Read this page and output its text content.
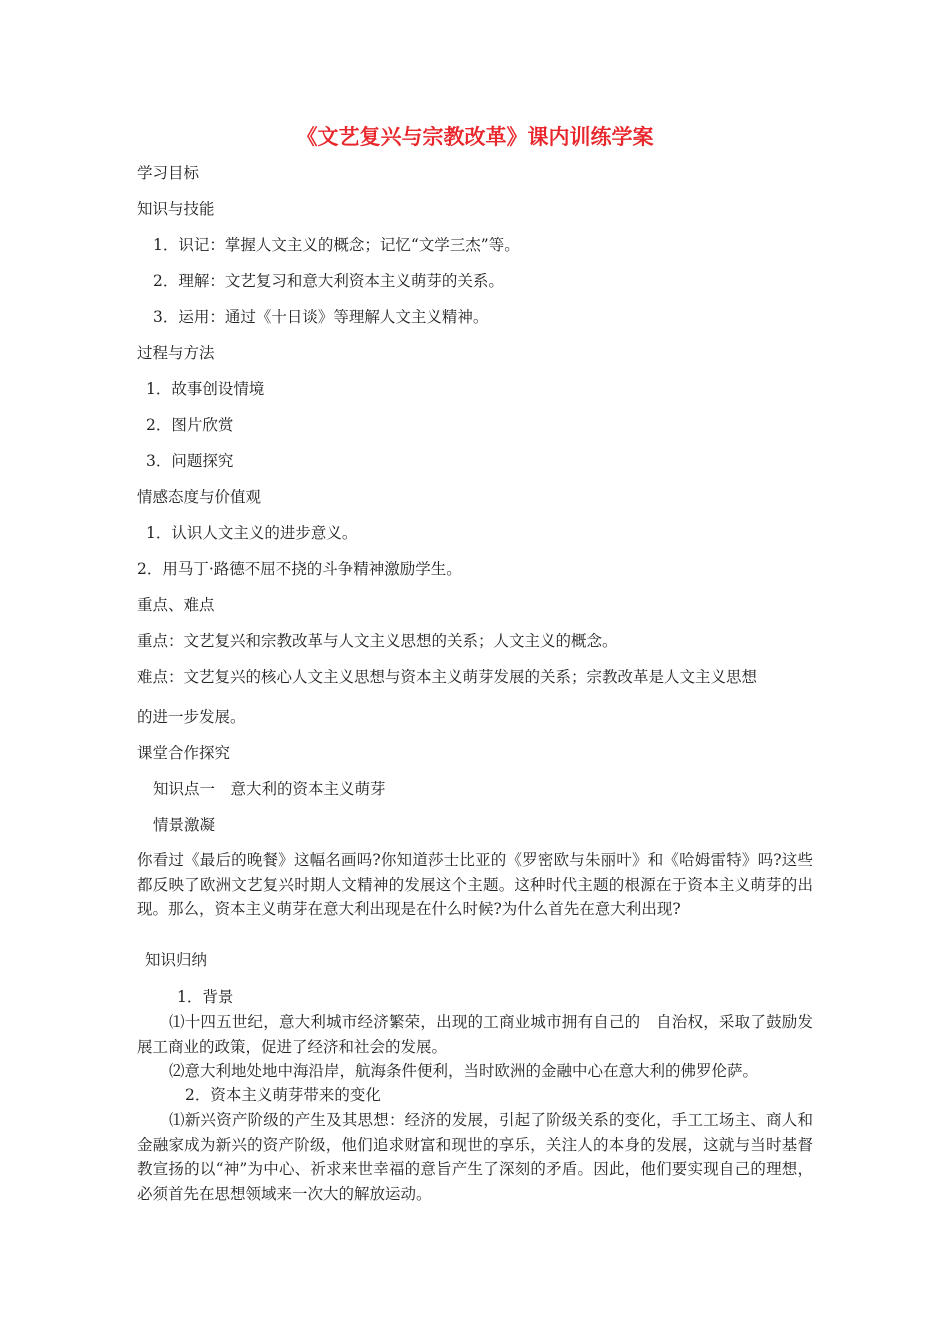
《文艺复兴与宗教改革》课内训练学案

学习目标

知识与技能

1．识记：掌握人文主义的概念；记忆“文学三杰”等。

2．理解：文艺复习和意大利资本主义萌芽的关系。

3．运用：通过《十日谈》等理解人文主义精神。

过程与方法

1．故事创设情境

2．图片欣赏

3．问题探究

情感态度与价值观

1．认识人文主义的进步意义。

2．用马丁·路德不屈不挠的斗争精神激励学生。

重点、难点

重点：文艺复兴和宗教改革与人文主义思想的关系；人文主义的概念。

难点：文艺复兴的核心人文主义思想与资本主义萌芽发展的关系；宗教改革是人文主义思想

的进一步发展。

课堂合作探究

知识点一　意大利的资本主义萌芽

情景激凝

你看过《最后的晚餐》这幅名画吗?你知道莎士比亚的《罗密欧与朱丽叶》和《哈姆雷特》吗?这些都反映了欧洲文艺复兴时期人文精神的发展这个主题。这种时代主题的根源在于资本主义萌芽的出现。那么，资本主义萌芽在意大利出现是在什么时候?为什么首先在意大利出现?

知识归纳

1．背景

⑴十四五世纪，意大利城市经济繁荣，出现的工商业城市拥有自己的　自治权，采取了鼓励发展工商业的政策，促进了经济和社会的发展。

⑵意大利地处地中海沿岸，航海条件便利，当时欧洲的金融中心在意大利的佛罗伦萨。

2．资本主义萌芽带来的变化

⑴新兴资产阶级的产生及其思想：经济的发展，引起了阶级关系的变化，手工工场主、商人和金融家成为新兴的资产阶级，他们追求财富和现世的享乐，关注人的本身的发展，这就与当时基督教宣扬的以“神”为中心、祈求来世幸福的意旨产生了深刻的矛盾。因此，他们要实现自己的理想，必须首先在思想领域来一次大的解放运动。
